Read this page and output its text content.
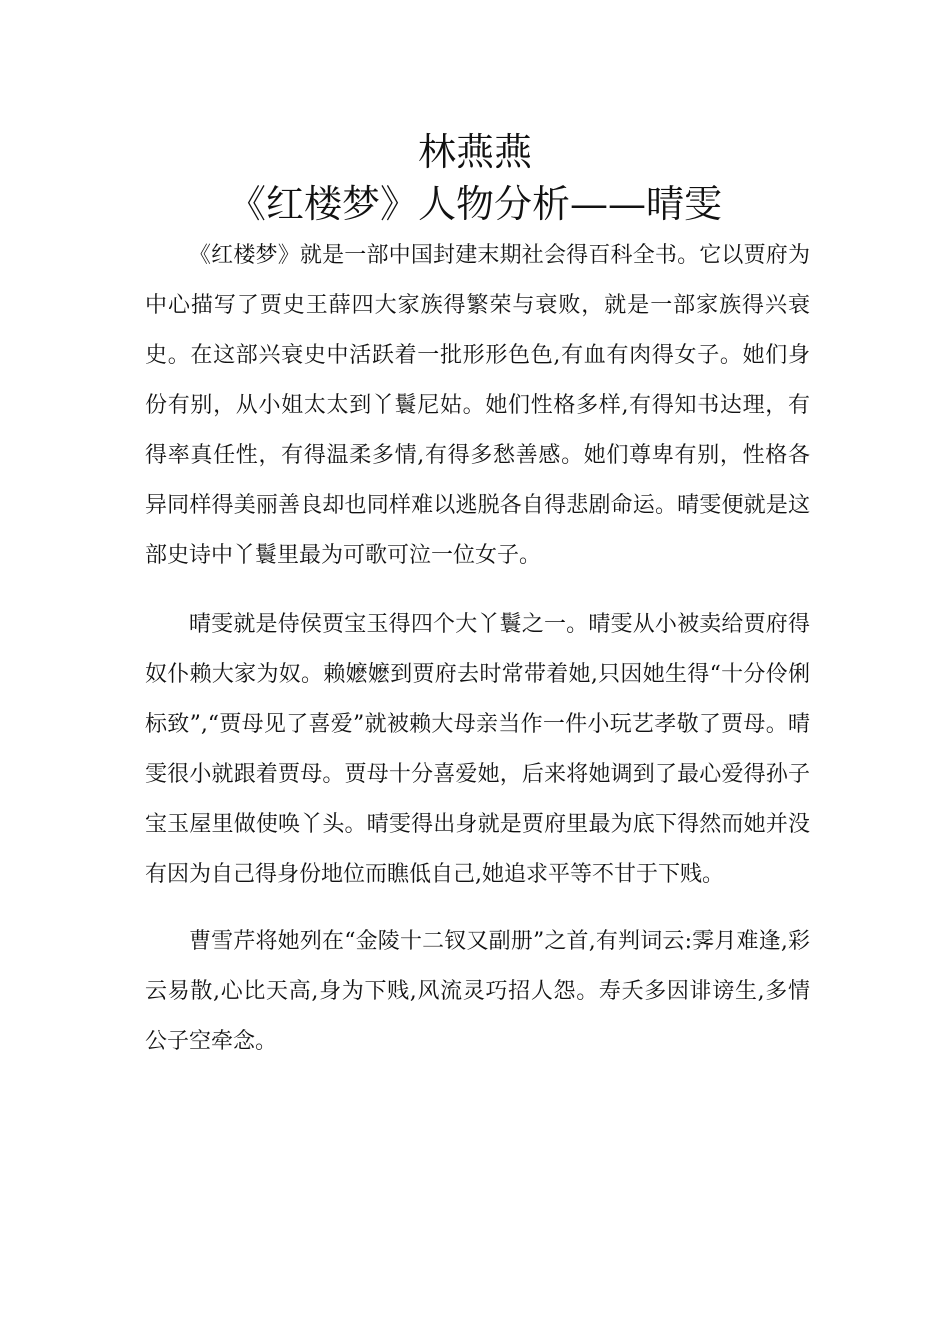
林燕燕
《红楼梦》人物分析——晴雯

《红楼梦》就是一部中国封建末期社会得百科全书。它以贾府为中心描写了贾史王薛四大家族得繁荣与衰败，就是一部家族得兴衰史。在这部兴衰史中活跃着一批形形色色,有血有肉得女子。她们身份有别，从小姐太太到丫鬟尼姑。她们性格多样,有得知书达理，有得率真任性，有得温柔多情,有得多愁善感。她们尊卑有别，性格各异同样得美丽善良却也同样难以逃脱各自得悲剧命运。晴雯便就是这部史诗中丫鬟里最为可歌可泣一位女子。

晴雯就是侍侯贾宝玉得四个大丫鬟之一。晴雯从小被卖给贾府得奴仆赖大家为奴。赖嬷嬷到贾府去时常带着她,只因她生得“十分伶俐标致”,“贾母见了喜爱”就被赖大母亲当作一件小玩艺孝敬了贾母。晴雯很小就跟着贾母。贾母十分喜爱她，后来将她调到了最心爱得孙子宝玉屋里做使唤丫头。晴雯得出身就是贾府里最为底下得然而她并没有因为自己得身份地位而瞧低自己,她追求平等不甘于下贱。

曹雪芹将她列在“金陵十二钗又副册”之首,有判词云:霁月难逢,彩云易散,心比天高,身为下贱,风流灵巧招人怨。寿夭多因诽谤生,多情公子空牵念。
